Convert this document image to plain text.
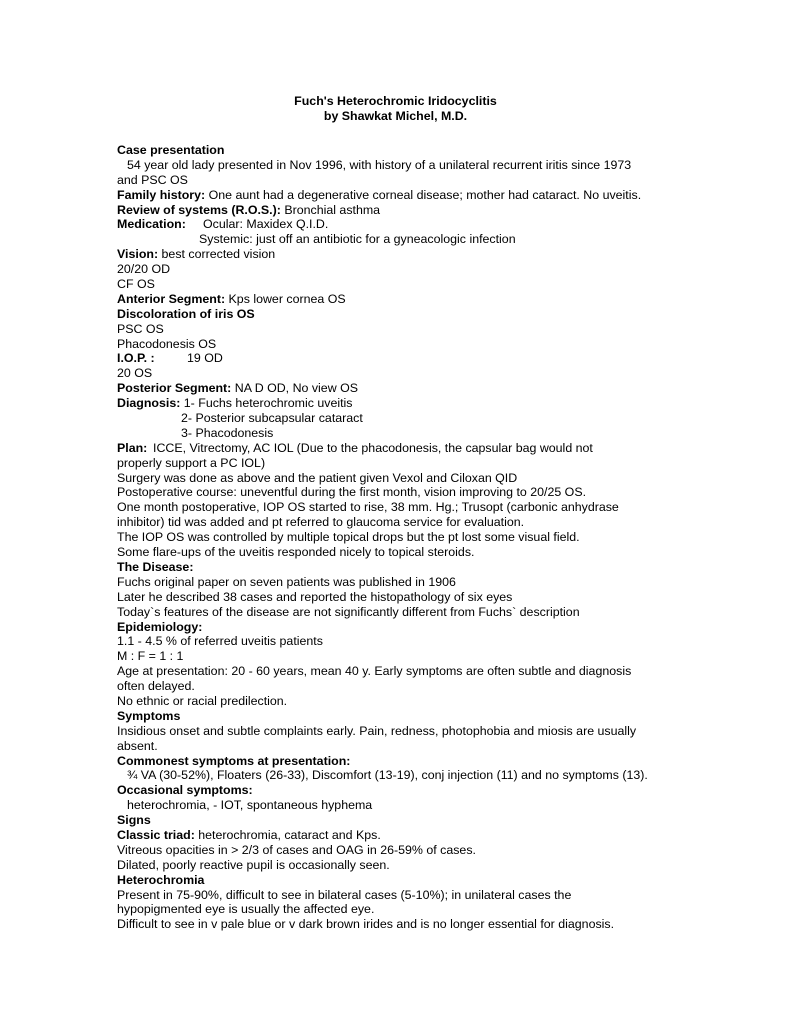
Fuch's Heterochromic Iridocyclitis
by Shawkat Michel, M.D.
Case presentation
54 year old lady presented in Nov 1996, with history of a unilateral recurrent iritis since 1973
and PSC OS
Family history: One aunt had a degenerative corneal disease; mother had cataract. No uveitis.
Review of systems (R.O.S.): Bronchial asthma
Medication: Ocular: Maxidex Q.I.D.
Systemic: just off an antibiotic for a gyneacologic infection
Vision: best corrected vision
20/20 OD
CF OS
Anterior Segment: Kps lower cornea OS
Discoloration of iris OS
PSC OS
Phacodonesis OS
I.O.P. :	19 OD
20 OS
Posterior Segment: NA D OD, No view OS
Diagnosis: 1- Fuchs heterochromic uveitis
2- Posterior subcapsular cataract
3- Phacodonesis
Plan: ICCE, Vitrectomy, AC IOL (Due to the phacodonesis, the capsular bag would not
properly support a PC IOL)
Surgery was done as above and the patient given Vexol and Ciloxan QID
Postoperative course: uneventful during the first month, vision improving to 20/25 OS.
One month postoperative, IOP OS started to rise, 38 mm. Hg.; Trusopt (carbonic anhydrase
inhibitor) tid was added and pt referred to glaucoma service for evaluation.
The IOP OS was controlled by multiple topical drops but the pt lost some visual field.
Some flare-ups of the uveitis responded nicely to topical steroids.
The Disease:
Fuchs original paper on seven patients was published in 1906
Later he described 38 cases and reported the histopathology of six eyes
Today`s features of the disease are not significantly different from Fuchs` description
Epidemiology:
1.1 - 4.5 % of referred uveitis patients
M : F = 1 : 1
Age at presentation: 20 - 60 years, mean 40 y. Early symptoms are often subtle and diagnosis
often delayed.
No ethnic or racial predilection.
Symptoms
Insidious onset and subtle complaints early. Pain, redness, photophobia and miosis are usually
absent.
Commonest symptoms at presentation:
¾ VA (30-52%), Floaters (26-33), Discomfort (13-19), conj injection (11) and no symptoms (13).
Occasional symptoms:
heterochromia, - IOT, spontaneous hyphema
Signs
Classic triad: heterochromia, cataract and Kps.
Vitreous opacities in > 2/3 of cases and OAG in 26-59% of cases.
Dilated, poorly reactive pupil is occasionally seen.
Heterochromia
Present in 75-90%, difficult to see in bilateral cases (5-10%); in unilateral cases the
hypopigmented eye is usually the affected eye.
Difficult to see in v pale blue or v dark brown irides and is no longer essential for diagnosis.
